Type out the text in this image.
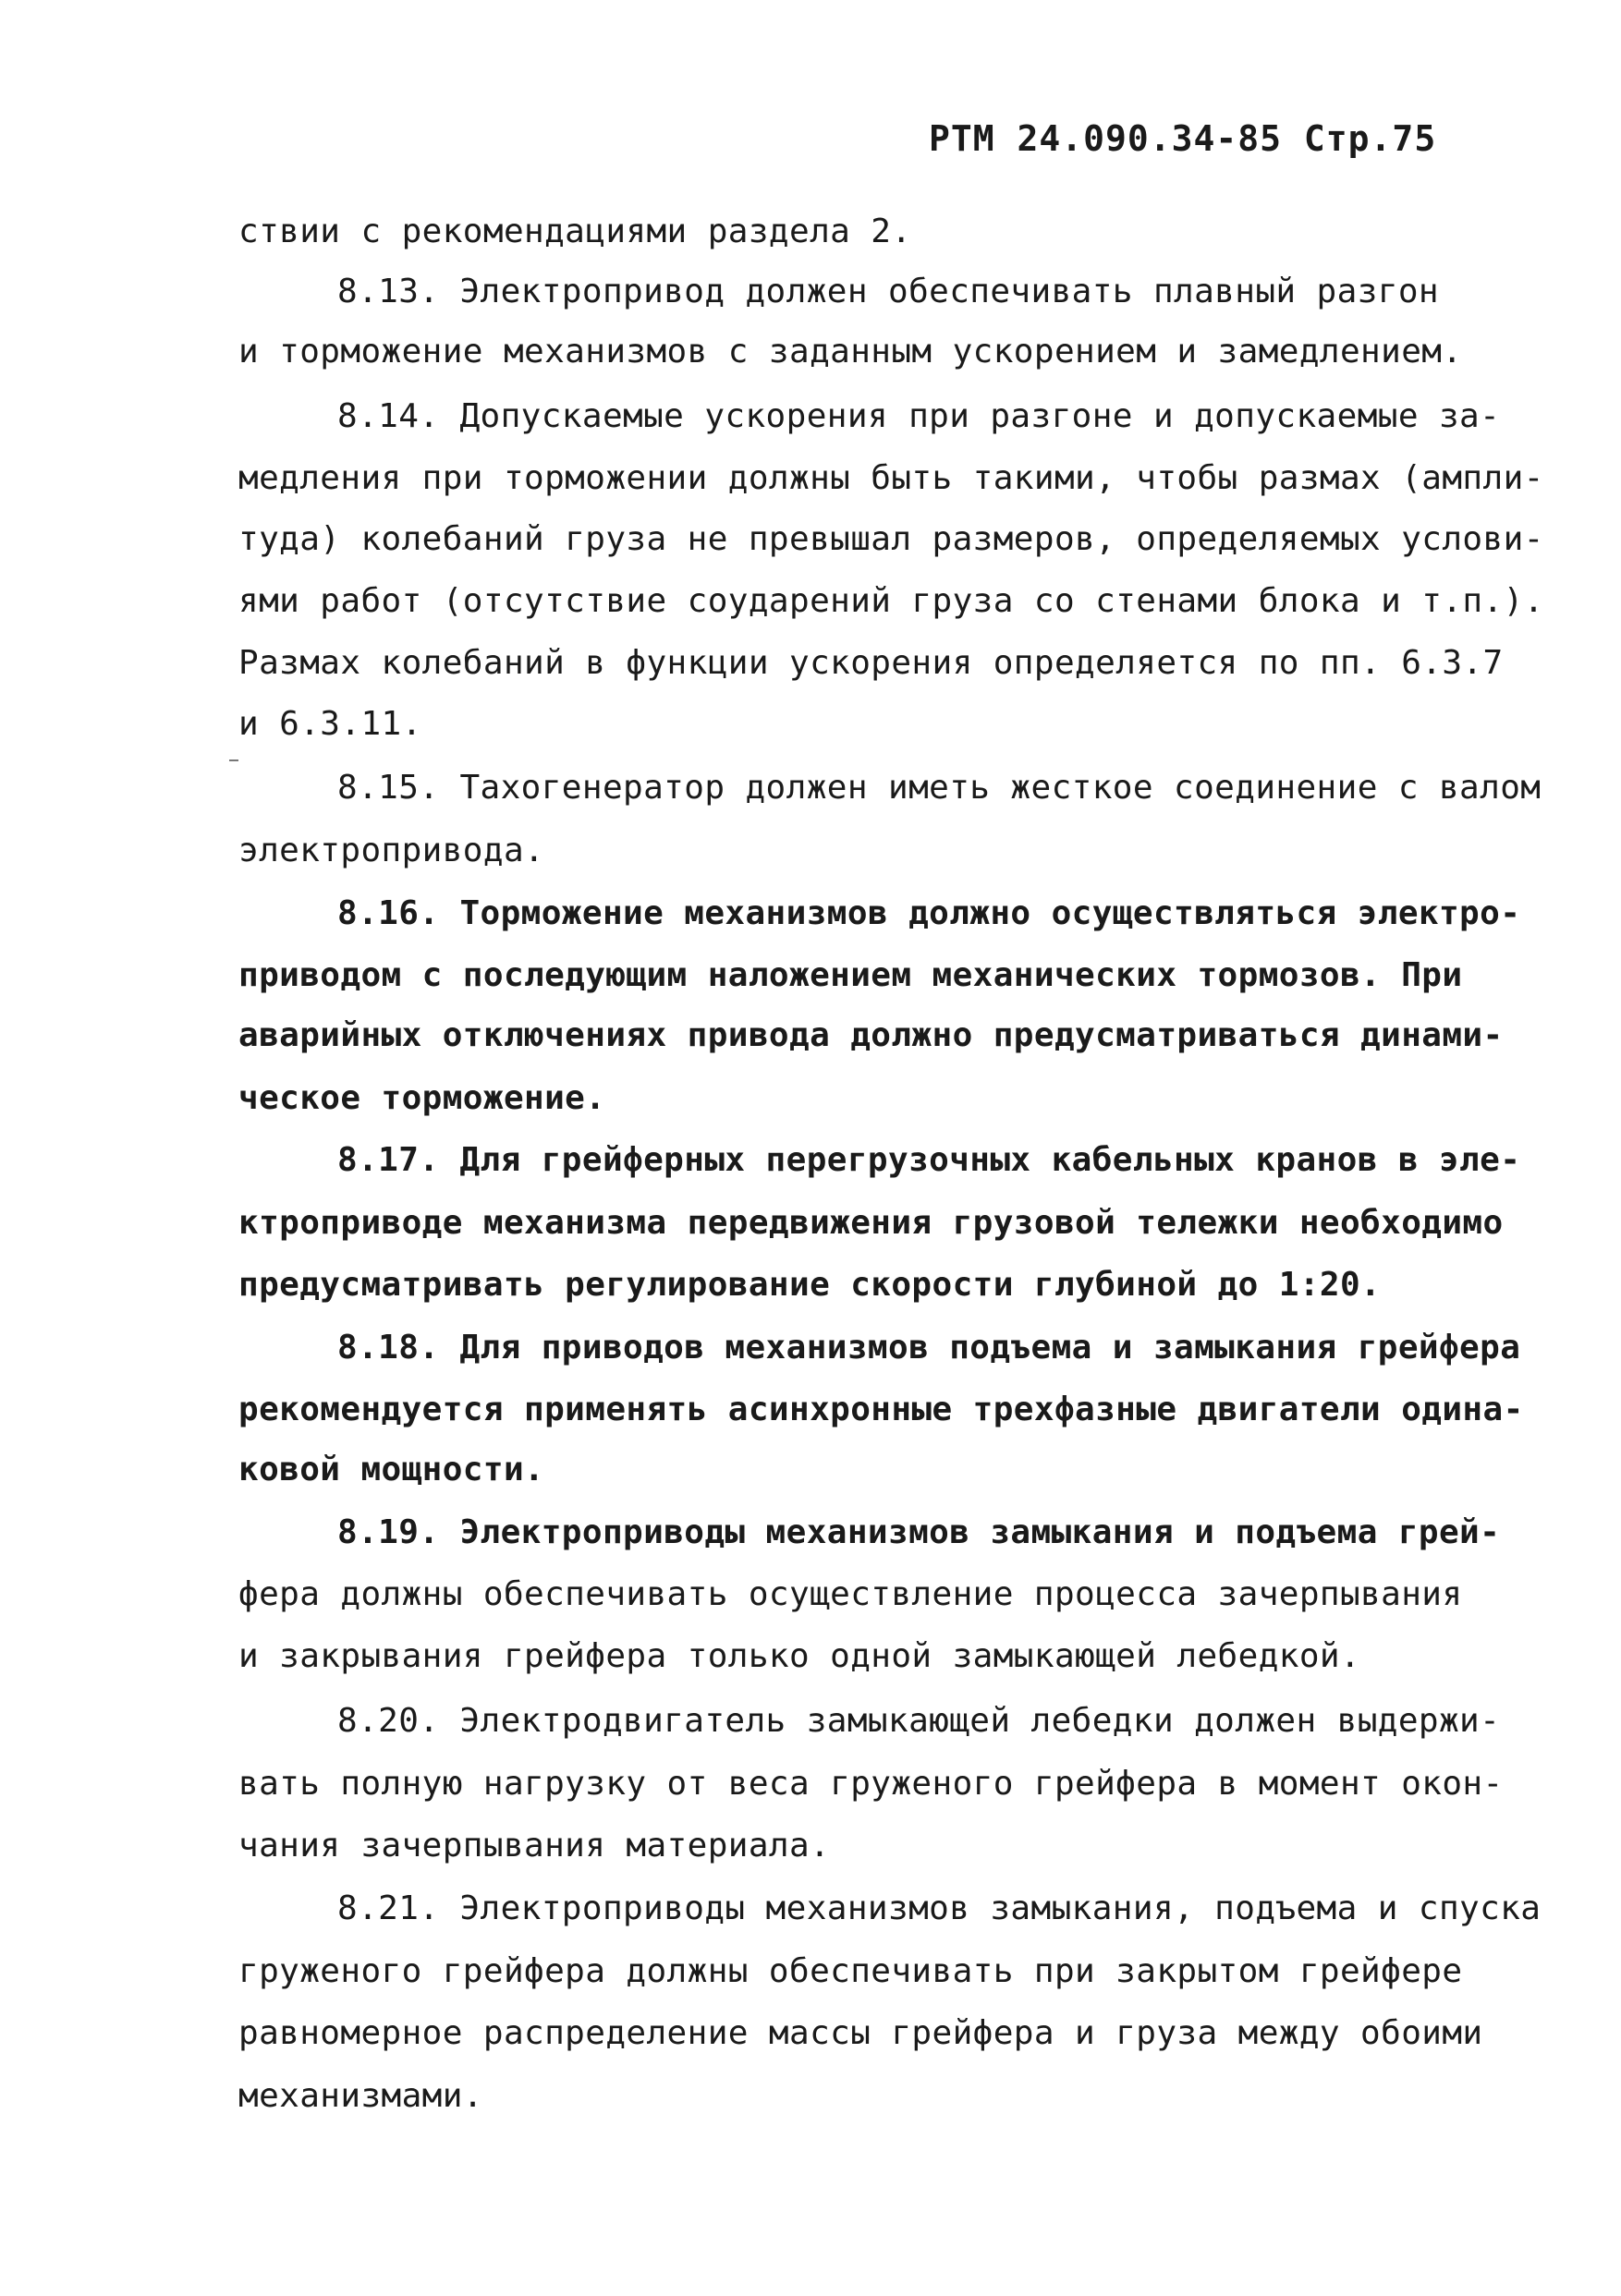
РТМ 24.090.34-85 Стр.75
ствии с рекомендациями раздела 2.
8.13. Электропривод должен обеспечивать плавный разгон
и торможение механизмов с заданным ускорением и замедлением.
8.14. Допускаемые ускорения при разгоне и допускаемые за-
медления при торможении должны быть такими, чтобы размах (ампли-
туда) колебаний груза не превышал размеров, определяемых услови-
ями работ (отсутствие соударений груза со стенами блока и т.п.).
Размах колебаний в функции ускорения определяется по пп. 6.3.7
и 6.3.11.
8.15. Тахогенератор должен иметь жесткое соединение с валом
электропривода.
8.16. Торможение механизмов должно осуществляться электро-
приводом с последующим наложением механических тормозов. При
аварийных отключениях привода должно предусматриваться динами-
ческое торможение.
8.17. Для грейферных перегрузочных кабельных кранов в эле-
ктроприводе механизма передвижения грузовой тележки необходимо
предусматривать регулирование скорости глубиной до 1:20.
8.18. Для приводов механизмов подъема и замыкания грейфера
рекомендуется применять асинхронные трехфазные двигатели одина-
ковой мощности.
8.19. Электроприводы механизмов замыкания и подъема грей-
фера должны обеспечивать осуществление процесса зачерпывания
и закрывания грейфера только одной замыкающей лебедкой.
8.20. Электродвигатель замыкающей лебедки должен выдержи-
вать полную нагрузку от веса груженого грейфера в момент окон-
чания зачерпывания материала.
8.21. Электроприводы механизмов замыкания, подъема и спуска
груженого грейфера должны обеспечивать при закрытом грейфере
равномерное распределение массы грейфера и груза между обоими
механизмами.
